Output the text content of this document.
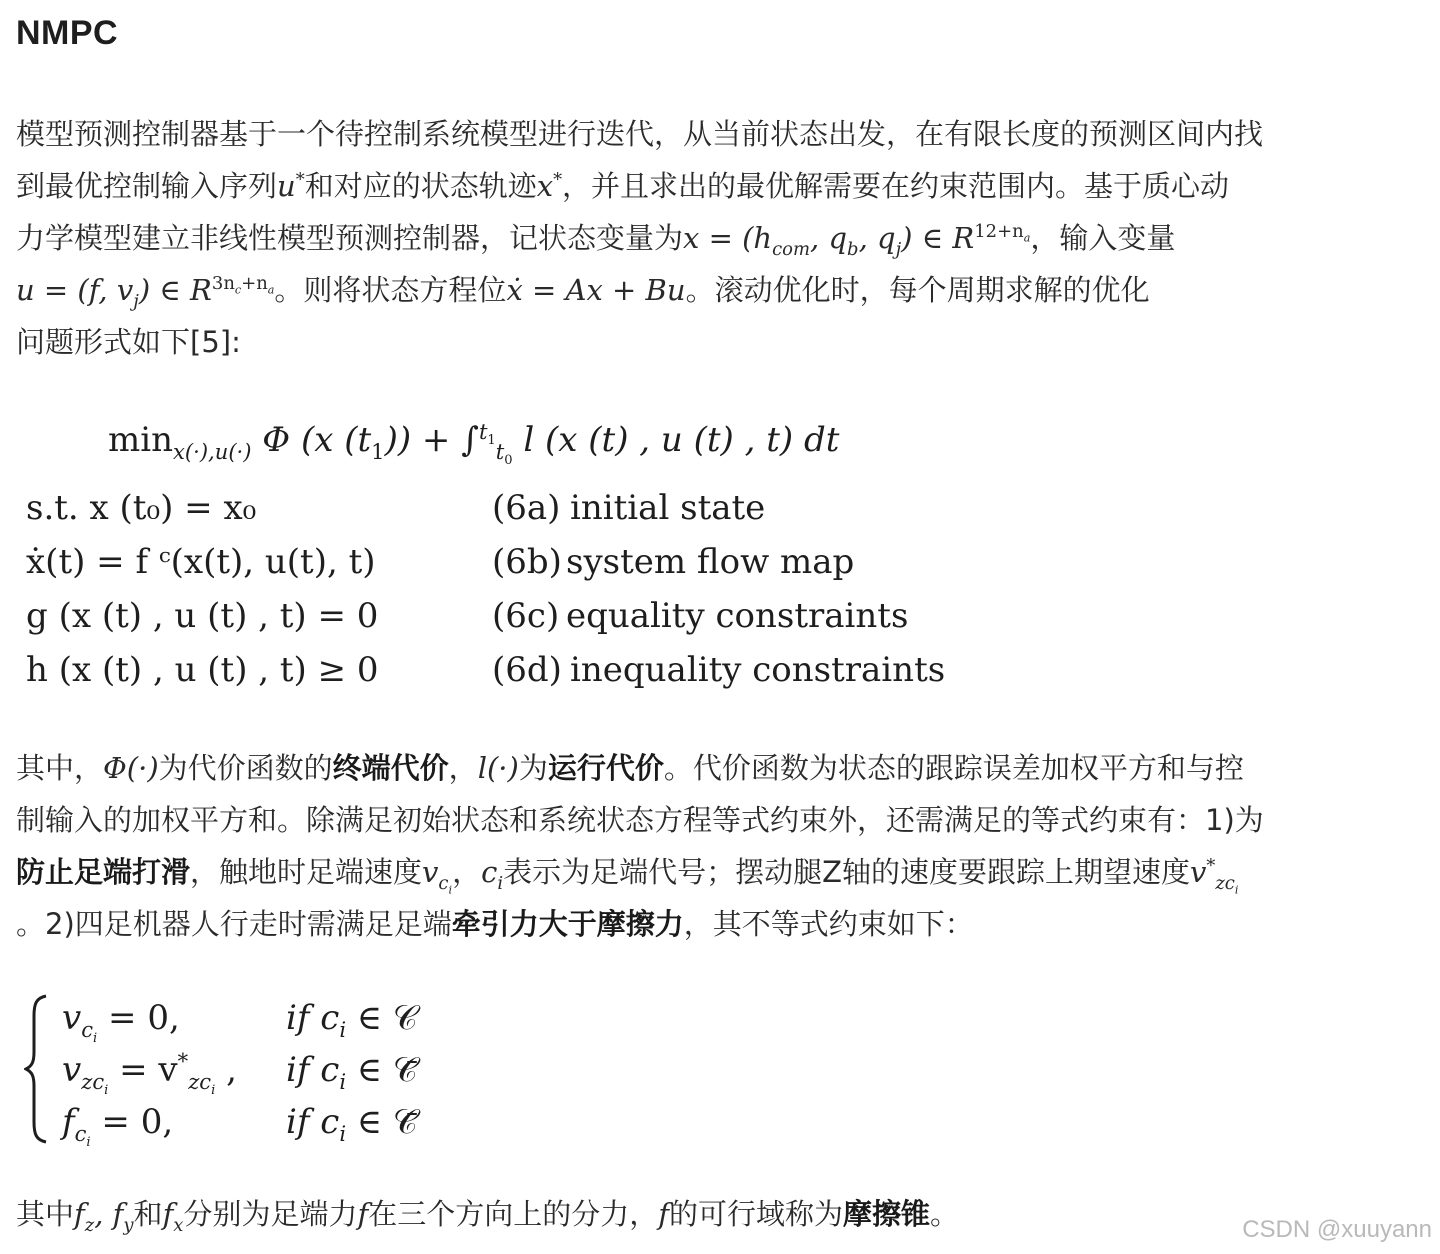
NMPC
模型预测控制器基于一个待控制系统模型进行迭代，从当前状态出发，在有限长度的预测区间内找
到最优控制输入序列u*和对应的状态轨迹x*，并且求出的最优解需要在约束范围内。基于质心动
力学模型建立非线性模型预测控制器，记状态变量为$x = (h_{com}$, $q_b$, $q_j$) ∈ $R^{12+n_a}$，输入变量
u = (f, $v_j$) ∈ $R^{3n_c+n_a}$。则将状态方程位ẋ = Ax + Bu。滚动优化时，每个周期求解的优化
问题形式如下[5]:
$\min_{x(\cdot),u(\cdot)} \Phi$ (x $(t_1)) + \int^{t_1}_{t_0}$ l (x (t) , u (t) , t) dt
s.t. x (t₀) = x₀	(6a) initial state
ẋ(t) = f ᶜ(x(t), u(t), t)	(6b) system flow map
g (x (t) , u (t) , t) = 0	(6c) equality constraints
h (x (t) , u (t) , t) ≥ 0	(6d) inequality constraints
其中，Φ(·)为代价函数的终端代价，l(·)为运行代价。代价函数为状态的跟踪误差加权平方和与控
制输入的加权平方和。除满足初始状态和系统状态方程等式约束外，还需满足的等式约束有：1)为
防止足端打滑，触地时足端速度$v_{c_i}$，$c_i$表示为足端代号；摆动腿Z轴的速度要跟踪上期望速度$v^*_{zc_i}$
。2)四足机器人行走时需满足足端牵引力大于摩擦力，其不等式约束如下：
$v_{c_i} = 0$,	if $c_i$ ∈ 𝒞
$v_{zc_i} = v^*_{zc_i}$ , if $c_i$ ∈ 𝒞̄
$f_{c_i} = 0$,	if $c_i$ ∈ 𝒞̄
其中$f_z$, $f_y$和$f_x$分别为足端力f在三个方向上的分力，f的可行域称为摩擦锥。	CSDN @xuuyann
